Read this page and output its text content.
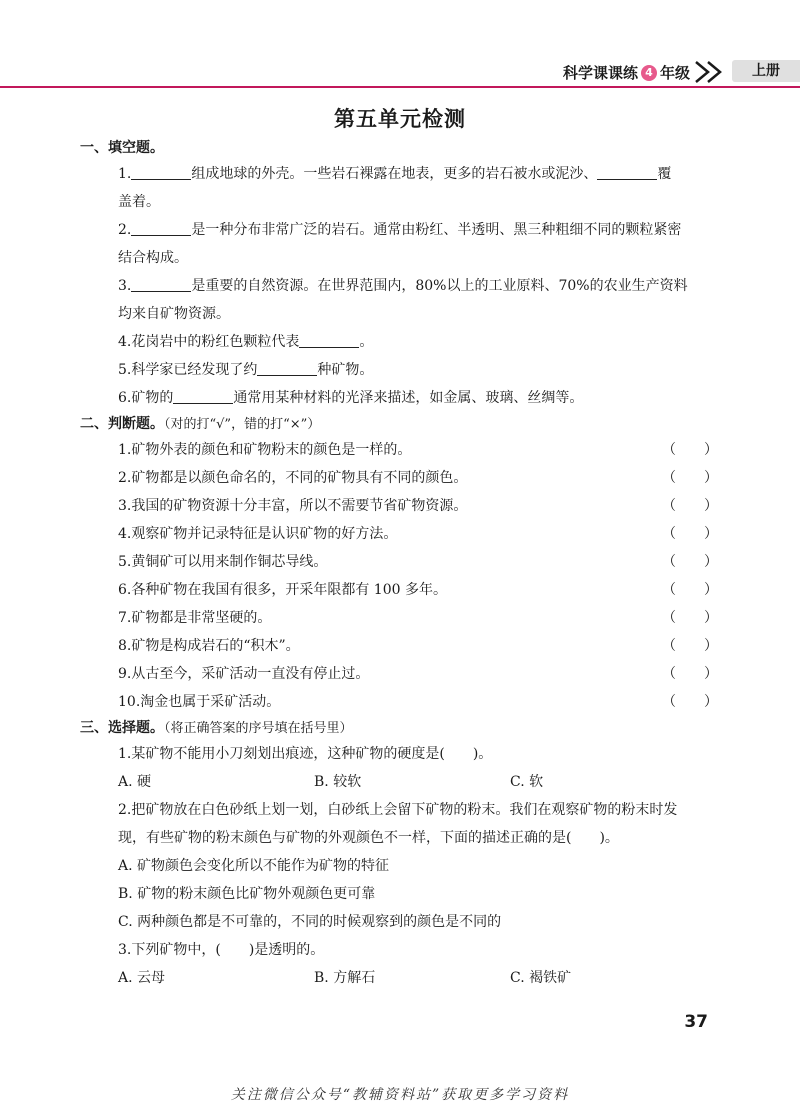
科学课课练 4 年级	上册
第五单元检测
一、填空题。
1.	组成地球的外壳。一些岩石裸露在地表，更多的岩石被水或泥沙、	覆
盖着。
2.	是一种分布非常广泛的岩石。通常由粉红、半透明、黑三种粗细不同的颗粒紧密
结合构成。
3.	是重要的自然资源。在世界范围内，80%以上的工业原料、70%的农业生产资料
均来自矿物资源。
4.花岗岩中的粉红色颗粒代表	。
5.科学家已经发现了约	种矿物。
6.矿物的	通常用某种材料的光泽来描述，如金属、玻璃、丝绸等。
二、判断题。（对的打“√”，错的打“×”）
1.矿物外表的颜色和矿物粉末的颜色是一样的。	（　　）
2.矿物都是以颜色命名的，不同的矿物具有不同的颜色。	（　　）
3.我国的矿物资源十分丰富，所以不需要节省矿物资源。	（　　）
4.观察矿物并记录特征是认识矿物的好方法。	（　　）
5.黄铜矿可以用来制作铜芯导线。	（　　）
6.各种矿物在我国有很多，开采年限都有 100 多年。	（　　）
7.矿物都是非常坚硬的。	（　　）
8.矿物是构成岩石的“积木”。	（　　）
9.从古至今，采矿活动一直没有停止过。	（　　）
10.淘金也属于采矿活动。	（　　）
三、选择题。（将正确答案的序号填在括号里）
1.某矿物不能用小刀刻划出痕迹，这种矿物的硬度是(　　)。
A. 硬	B. 较软	C. 软
2.把矿物放在白色砂纸上划一划，白砂纸上会留下矿物的粉末。我们在观察矿物的粉末时发
现，有些矿物的粉末颜色与矿物的外观颜色不一样，下面的描述正确的是(　　)。
A. 矿物颜色会变化所以不能作为矿物的特征
B. 矿物的粉末颜色比矿物外观颜色更可靠
C. 两种颜色都是不可靠的，不同的时候观察到的颜色是不同的
3.下列矿物中，(　　)是透明的。
A. 云母	B. 方解石	C. 褐铁矿
37
关注微信公众号“教辅资料站”获取更多学习资料
